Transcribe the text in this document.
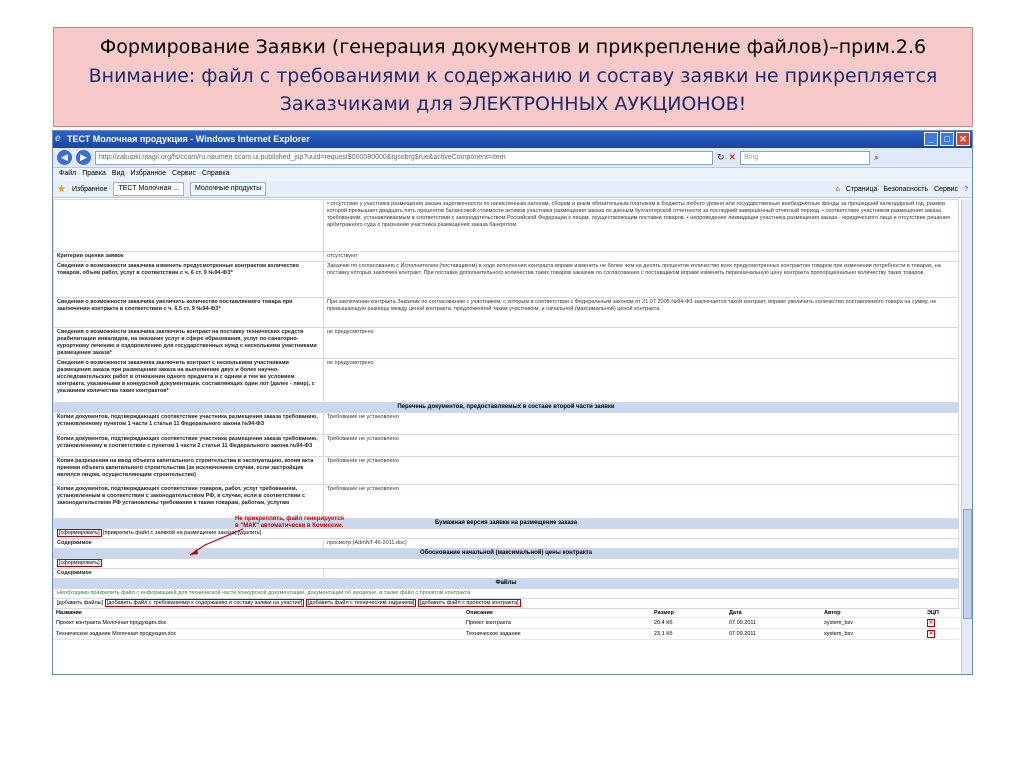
Формирование Заявки (генерация документов и прикрепление файлов)–прим.2.6
Внимание: файл с требованиями к содержанию и составу заявки не прикрепляется Заказчиками для ЭЛЕКТРОННЫХ АУКЦИОНОВ!
e ТЕСТ Молочная продукция - Windows Internet Explorer	_	□	✕
◀	▶	http://zakupki.ntagil.org/fs/ccam/ru.naumen.ccam.ui.published_jsp?uuid=request$000080000&tgsobrg$rue&activeComponent=Item	↻ ✕	Bing	⌕
Файл Правка Вид Избранное Сервис Справка
★ Избранное	ТЕСТ Молочная ...	Молочные продукты	⌂ Страница Безопасность Сервис ?
	• отсутствие у участника размещения заказа задолженности по начисленным налогам, сборам и иным обязательным платежам в бюджеты любого уровня или государственные внебюджетные фонды за прошедший календарный год, размер которой превышает двадцать пять процентов балансовой стоимости активов участника размещения заказа по данным бухгалтерской отчетности за последний завершенный отчетный период. • соответствие участников размещения заказа требованиям, устанавливаемым в соответствии с законодательством Российской Федерации к лицам, осуществляющим поставки товаров. • непроведение ликвидации участника размещения заказа - юридического лица и отсутствие решения арбитражного суда о признании участника размещения заказа банкротом.
Критерии оценки заявок	отсутствуют
Сведения о возможности заказчика изменить предусмотренные контрактом количество товаров, объем работ, услуг в соответствии с ч. 6 ст. 9 №94-ФЗ*	Заказчик по согласованию с Исполнителем (поставщиком) в ходе исполнения контракта вправе изменить не более чем на десять процентов количество всех предусмотренных контрактом товаров при изменении потребности в товарах, на поставку которых заключен контракт. При поставке дополнительного количества таких товаров заказчик по согласованию с поставщиком вправе изменить первоначальную цену контракта пропорционально количеству таких товаров.
Сведения о возможности заказчика увеличить количество поставляемого товара при заключении контракта в соответствии с ч. 6.5 ст. 9 №94-ФЗ*	При заключении контракта Заказчик по согласованию с участником, с которым в соответствии с Федеральным законом от 21.07.2005 №94-ФЗ заключается такой контракт, вправе увеличить количество поставляемого товара на сумму, не превышающую разницы между ценой контракта, предложенной таким участником, и начальной (максимальной) ценой контракта.
Сведения о возможности заказчика заключить контракт на поставку технических средств реабилитации инвалидов, на оказание услуг в сфере образования, услуг по санаторно-курортному лечению и оздоровлению для государственных нужд с несколькими участниками размещения заказа*	не предусмотрено
Сведения о возможности заказчика заключить контракт с несколькими участниками размещения заказа при размещении заказа на выполнение двух и более научно-исследовательских работ в отношении одного предмета и с одним и тем же условием контракта, указанными в конкурсной документации, составляющих один лот (далее - лвир), с указанием количества таких контрактов*	не предусмотрено
Перечень документов, предоставляемых в составе второй части заявки	
Копии документов, подтверждающих соответствие участника размещения заказа требованию, установленному пунктом 1 части 1 статьи 11 Федерального закона №94-ФЗ	Требование не установлено
Копии документов, подтверждающих соответствие участника размещения заказа требованию, установленному в соответствии с пунктом 1 части 2 статьи 11 Федерального закона №94-ФЗ	Требование не установлено
Копия разрешения на ввод объекта капитального строительства в эксплуатацию, копия акта приемки объекта капитального строительства (за исключением случая, если застройщик являлся лицом, осуществляющим строительство)	Требование не установлено
Копии документов, подтверждающих соответствие товаров, работ, услуг требованиям, установленным в соответствии с законодательством РФ, в случае, если в соответствии с законодательством РФ установлены требования к таким товарам, работам, услугам	Требование не установлено
Бумажная версия заявки на размещение заказа	
[сформировать] [прикрепить файл с заявкой на размещение заказа] [удалить]	
Содержимое	просмотр (AdmNT-46-2011.doc)
Обоснование начальной (максимальной) цены контракта	
[сформировать]	
Содержимое	
Файлы	
Необходимо прикрепить файл с информацией для технической части конкурсной документации, документации об аукционе, а также файл с проектом контракта	
[добавить файлы] [добавить файл с требованиями к содержанию и составу заявки на участие] [добавить файл с техническим заданием] [добавить файл с проектом контракта]	
Название	Описание	Размер	Дата	Автор	ЭЦП
Проект контракта Молочная продукция.doc	Проект контракта	20.4 Кб	07.09.2011	system_bsv	✕
Техническое задание Молочная продукция.doc	Техническое задание	23.1 Кб	07.09.2011	system_bsv	✕
Не прикреплять, файл генерируется в "МАК" автоматически в Комиссии.
